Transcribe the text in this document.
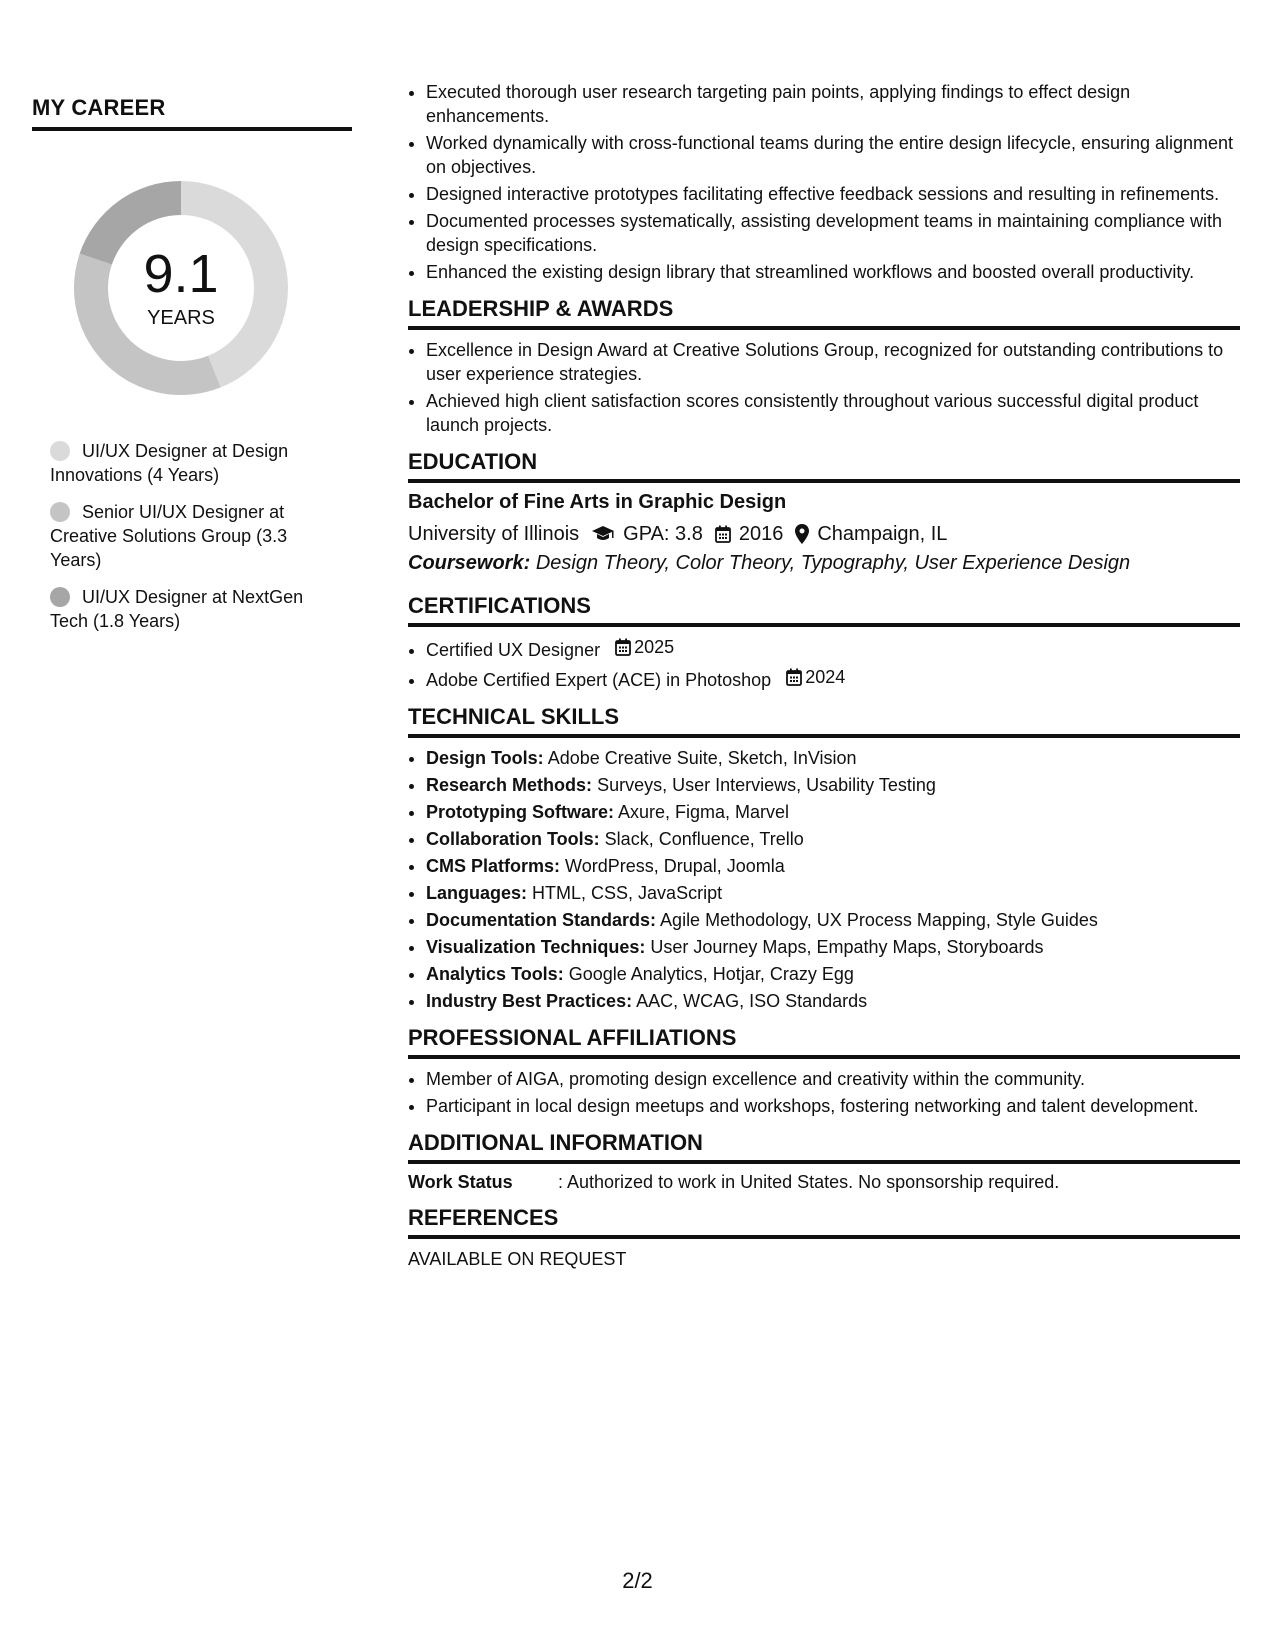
MY CAREER
9.1
YEARS
UI/UX Designer at Design Innovations (4 Years)
Senior UI/UX Designer at Creative Solutions Group (3.3 Years)
UI/UX Designer at NextGen Tech (1.8 Years)
• Executed thorough user research targeting pain points, applying findings to effect design enhancements.
• Worked dynamically with cross-functional teams during the entire design lifecycle, ensuring alignment on objectives.
• Designed interactive prototypes facilitating effective feedback sessions and resulting in refinements.
• Documented processes systematically, assisting development teams in maintaining compliance with design specifications.
• Enhanced the existing design library that streamlined workflows and boosted overall productivity.
LEADERSHIP & AWARDS
• Excellence in Design Award at Creative Solutions Group, recognized for outstanding contributions to user experience strategies.
• Achieved high client satisfaction scores consistently throughout various successful digital product launch projects.
EDUCATION
Bachelor of Fine Arts in Graphic Design
University of Illinois GPA: 3.8 2016 Champaign, IL
Coursework: Design Theory, Color Theory, Typography, User Experience Design
CERTIFICATIONS
• Certified UX Designer 2025
• Adobe Certified Expert (ACE) in Photoshop 2024
TECHNICAL SKILLS
• Design Tools: Adobe Creative Suite, Sketch, InVision
• Research Methods: Surveys, User Interviews, Usability Testing
• Prototyping Software: Axure, Figma, Marvel
• Collaboration Tools: Slack, Confluence, Trello
• CMS Platforms: WordPress, Drupal, Joomla
• Languages: HTML, CSS, JavaScript
• Documentation Standards: Agile Methodology, UX Process Mapping, Style Guides
• Visualization Techniques: User Journey Maps, Empathy Maps, Storyboards
• Analytics Tools: Google Analytics, Hotjar, Crazy Egg
• Industry Best Practices: AAC, WCAG, ISO Standards
PROFESSIONAL AFFILIATIONS
• Member of AIGA, promoting design excellence and creativity within the community.
• Participant in local design meetups and workshops, fostering networking and talent development.
ADDITIONAL INFORMATION
Work Status	: Authorized to work in United States. No sponsorship required.
REFERENCES
AVAILABLE ON REQUEST
2/2
